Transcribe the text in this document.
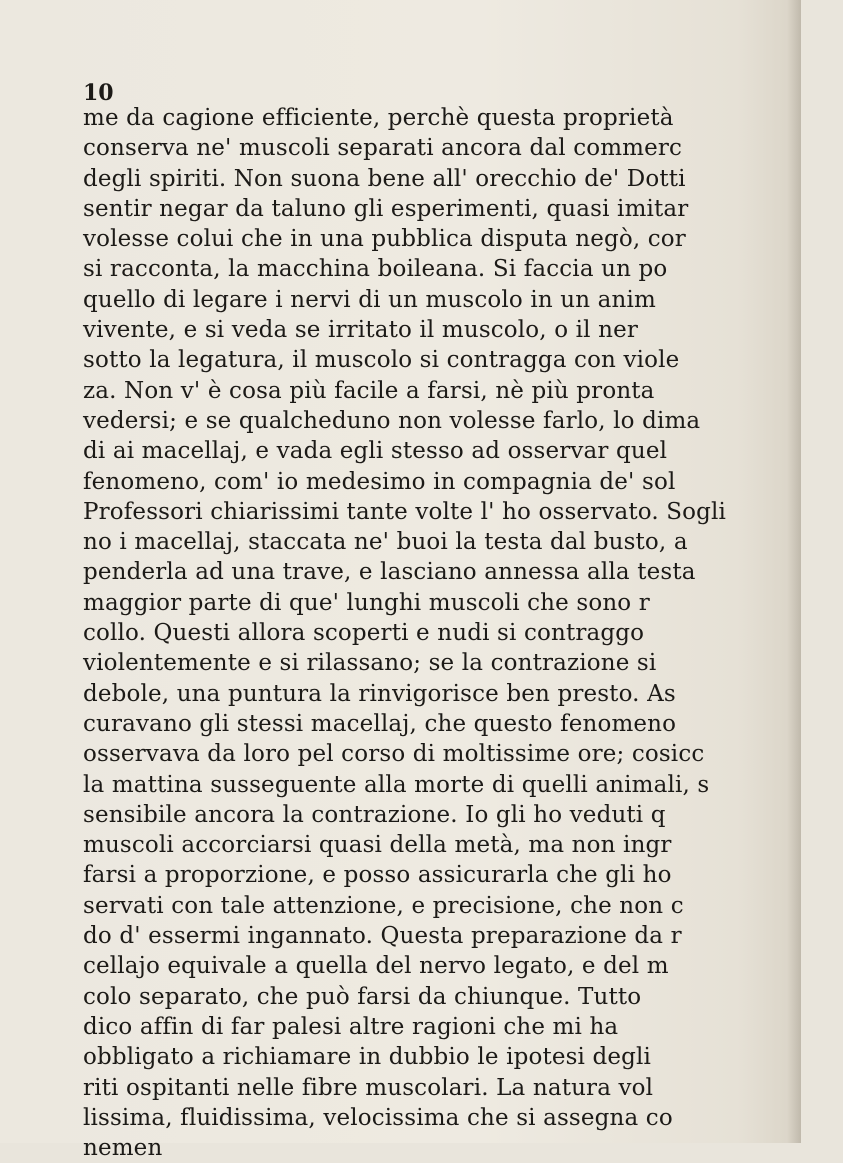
10

me da cagione efficiente, perchè questa proprietà
conserva ne' muscoli separati ancora dal commerc
degli spiriti. Non suona bene all' orecchio de' Dotti
sentir negar da taluno gli esperimenti, quasi imitar
volesse colui che in una pubblica disputa negò, cor
si racconta, la macchina boileana. Si faccia un po
quello di legare i nervi di un muscolo in un anim
vivente, e si veda se irritato il muscolo, o il ner
sotto la legatura, il muscolo si contragga con viole
za. Non v' è cosa più facile a farsi, nè più pronta
vedersi; e se qualcheduno non volesse farlo, lo dima
di ai macellaj, e vada egli stesso ad osservar quel
fenomeno, com' io medesimo in compagnia de' sol
Professori chiarissimi tante volte l' ho osservato. Sogli
no i macellaj, staccata ne' buoi la testa dal busto, a
penderla ad una trave, e lasciano annessa alla testa
maggior parte di que' lunghi muscoli che sono r
collo. Questi allora scoperti e nudi si contraggo
violentemente e si rilassano; se la contrazione si
debole, una puntura la rinvigorisce ben presto. As
curavano gli stessi macellaj, che questo fenomeno
osservava da loro pel corso di moltissime ore; cosicc
la mattina susseguente alla morte di quelli animali, s
sensibile ancora la contrazione. Io gli ho veduti q
muscoli accorciarsi quasi della metà, ma non ingr
farsi a proporzione, e posso assicurarla che gli ho
servati con tale attenzione, e precisione, che non c
do d' essermi ingannato. Questa preparazione da r
cellajo equivale a quella del nervo legato, e del m
colo separato, che può farsi da chiunque. Tutto
dico affin di far palesi altre ragioni che mi ha
obbligato a richiamare in dubbio le ipotesi degli
riti ospitanti nelle fibre muscolari. La natura vol
lissima, fluidissima, velocissima che si assegna co
nemen
